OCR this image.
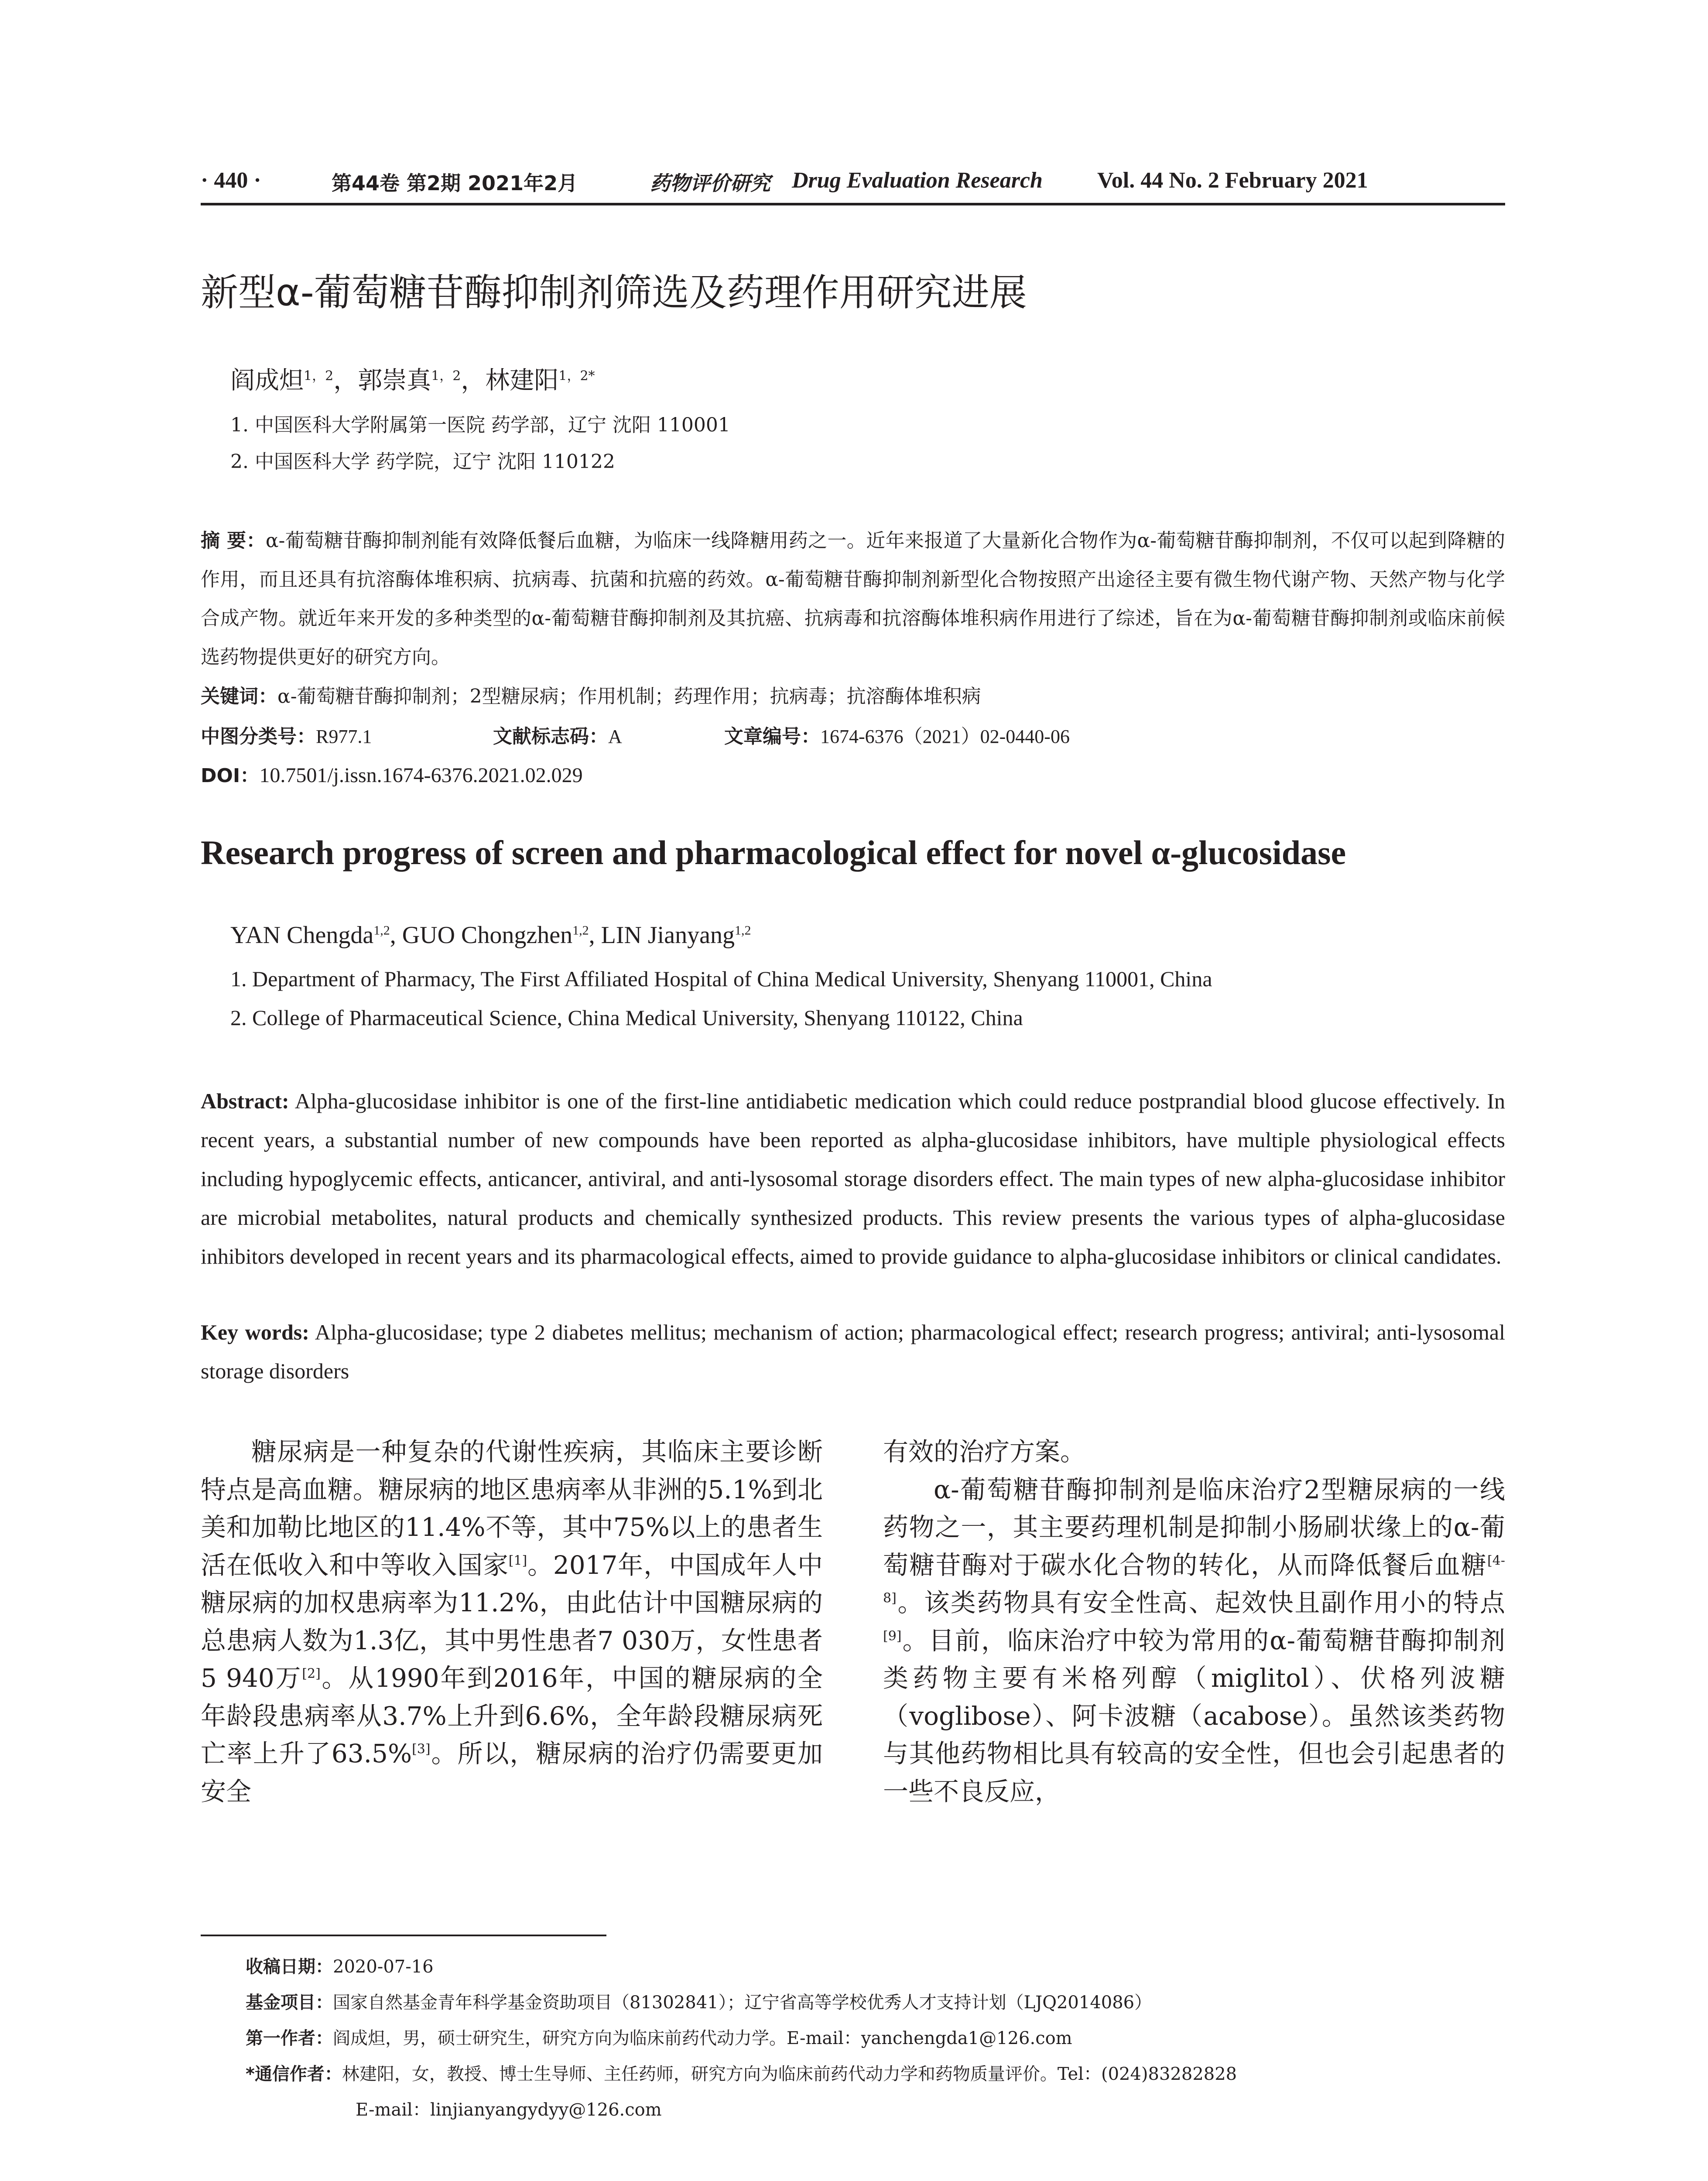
· 440 ·	第44卷 第2期 2021年2月	药物评价研究 Drug Evaluation Research Vol. 44 No. 2 February 2021
新型α-葡萄糖苷酶抑制剂筛选及药理作用研究进展
阎成炟$^{1,2}$，郭崇真$^{1,2}$，林建阳$^{1,2*}$
1. 中国医科大学附属第一医院 药学部，辽宁 沈阳 110001
2. 中国医科大学 药学院，辽宁 沈阳 110122
摘 要：α-葡萄糖苷酶抑制剂能有效降低餐后血糖，为临床一线降糖用药之一。近年来报道了大量新化合物作为α-葡萄糖苷酶抑制剂，不仅可以起到降糖的作用，而且还具有抗溶酶体堆积病、抗病毒、抗菌和抗癌的药效。α-葡萄糖苷酶抑制剂新型化合物按照产出途径主要有微生物代谢产物、天然产物与化学合成产物。就近年来开发的多种类型的α-葡萄糖苷酶抑制剂及其抗癌、抗病毒和抗溶酶体堆积病作用进行了综述，旨在为α-葡萄糖苷酶抑制剂或临床前候选药物提供更好的研究方向。
关键词：α-葡萄糖苷酶抑制剂；2型糖尿病；作用机制；药理作用；抗病毒；抗溶酶体堆积病
中图分类号：R977.1	文献标志码：A	文章编号：1674-6376（2021）02-0440-06
DOI：10.7501/j.issn.1674-6376.2021.02.029
Research progress of screen and pharmacological effect for novel α-glucosidase
YAN Chengda$^{1,2}$, GUO Chongzhen$^{1,2}$, LIN Jianyang$^{1,2}$
1. Department of Pharmacy, The First Affiliated Hospital of China Medical University, Shenyang 110001, China
2. College of Pharmaceutical Science, China Medical University, Shenyang 110122, China
Abstract: Alpha-glucosidase inhibitor is one of the first-line antidiabetic medication which could reduce postprandial blood glucose effectively. In recent years, a substantial number of new compounds have been reported as alpha-glucosidase inhibitors, have multiple physiological effects including hypoglycemic effects, anticancer, antiviral, and anti-lysosomal storage disorders effect. The main types of new alpha-glucosidase inhibitor are microbial metabolites, natural products and chemically synthesized products. This review presents the various types of alpha-glucosidase inhibitors developed in recent years and its pharmacological effects, aimed to provide guidance to alpha-glucosidase inhibitors or clinical candidates.
Key words: Alpha-glucosidase; type 2 diabetes mellitus; mechanism of action; pharmacological effect; research progress; antiviral; anti-lysosomal storage disorders
糖尿病是一种复杂的代谢性疾病，其临床主要诊断特点是高血糖。糖尿病的地区患病率从非洲的5.1%到北美和加勒比地区的11.4%不等，其中75%以上的患者生活在低收入和中等收入国家[1]。2017年，中国成年人中糖尿病的加权患病率为11.2%，由此估计中国糖尿病的总患病人数为1.3亿，其中男性患者7 030万，女性患者5 940万[2]。从1990年到2016年，中国的糖尿病的全年龄段患病率从3.7%上升到6.6%，全年龄段糖尿病死亡率上升了63.5%[3]。所以，糖尿病的治疗仍需要更加安全
有效的治疗方案。
α-葡萄糖苷酶抑制剂是临床治疗2型糖尿病的一线药物之一，其主要药理机制是抑制小肠刷状缘上的α-葡萄糖苷酶对于碳水化合物的转化，从而降低餐后血糖[4-8]。该类药物具有安全性高、起效快且副作用小的特点[9]。目前，临床治疗中较为常用的α-葡萄糖苷酶抑制剂类药物主要有米格列醇（miglitol）、伏格列波糖（voglibose）、阿卡波糖（acabose）。虽然该类药物与其他药物相比具有较高的安全性，但也会引起患者的一些不良反应，
收稿日期：2020-07-16
基金项目：国家自然基金青年科学基金资助项目（81302841）；辽宁省高等学校优秀人才支持计划（LJQ2014086）
第一作者：阎成炟，男，硕士研究生，研究方向为临床前药代动力学。E-mail：yanchengda1@126.com
*通信作者：林建阳，女，教授、博士生导师、主任药师，研究方向为临床前药代动力学和药物质量评价。Tel：(024)83282828
E-mail：linjianyangydyy@126.com
